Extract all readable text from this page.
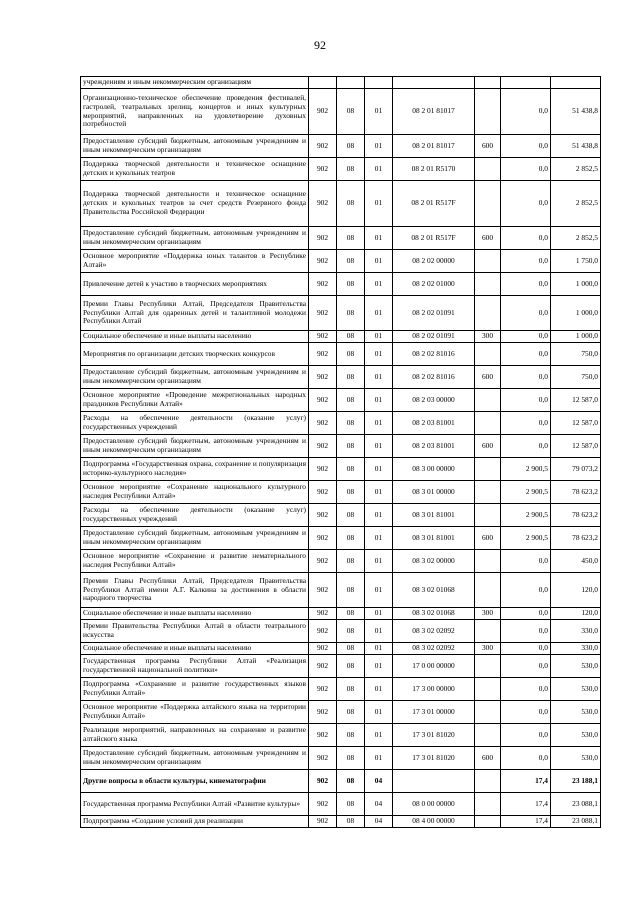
92
учреждениям и иным некоммерческим организациям							
Организационно-техническое обеспечение проведения фестивалей, гастролей, театральных зрелищ, концертов и иных культурных мероприятий, направленных на удовлетворение духовных потребностей	902	08	01	08 2 01 81017		0,0	51 438,8
Предоставление субсидий бюджетным, автономным учреждениям и иным некоммерческим организациям	902	08	01	08 2 01 81017	600	0,0	51 438,8
Поддержка творческой деятельности и техническое оснащение детских и кукольных театров	902	08	01	08 2 01 R5170		0,0	2 852,5
Поддержка творческой деятельности и техническое оснащение детских и кукольных театров за счет средств Резервного фонда Правительства Российской Федерации	902	08	01	08 2 01 R517F		0,0	2 852,5
Предоставление субсидий бюджетным, автономным учреждениям и иным некоммерческим организациям	902	08	01	08 2 01 R517F	600	0,0	2 852,5
Основное мероприятие «Поддержка юных талантов в Республике Алтай»	902	08	01	08 2 02 00000		0,0	1 750,0
Привлечение детей к участию в творческих мероприятиях	902	08	01	08 2 02 01000		0,0	1 000,0
Премии Главы Республики Алтай, Председателя Правительства Республики Алтай для одаренных детей и талантливой молодежи Республики Алтай	902	08	01	08 2 02 01091		0,0	1 000,0
Социальное обеспечение и иные выплаты населению	902	08	01	08 2 02 01091	300	0,0	1 000,0
Мероприятия по организации детских творческих конкурсов	902	08	01	08 2 02 81016		0,0	750,0
Предоставление субсидий бюджетным, автономным учреждениям и иным некоммерческим организациям	902	08	01	08 2 02 81016	600	0,0	750,0
Основное мероприятие «Проведение межрегиональных народных праздников Республики Алтай»	902	08	01	08 2 03 00000		0,0	12 587,0
Расходы на обеспечение деятельности (оказание услуг) государственных учреждений	902	08	01	08 2 03 81001		0,0	12 587,0
Предоставление субсидий бюджетным, автономным учреждениям и иным некоммерческим организациям	902	08	01	08 2 03 81001	600	0,0	12 587,0
Подпрограмма «Государственная охрана, сохранение и популяризация историко-культурного наследия»	902	08	01	08 3 00 00000		2 900,5	79 073,2
Основное мероприятие «Сохранение национального культурного наследия Республики Алтай»	902	08	01	08 3 01 00000		2 900,5	78 623,2
Расходы на обеспечение деятельности (оказание услуг) государственных учреждений	902	08	01	08 3 01 81001		2 900,5	78 623,2
Предоставление субсидий бюджетным, автономным учреждениям и иным некоммерческим организациям	902	08	01	08 3 01 81001	600	2 900,5	78 623,2
Основное мероприятие «Сохранение и развитие нематериального наследия Республики Алтай»	902	08	01	08 3 02 00000		0,0	450,0
Премии Главы Республики Алтай, Председателя Правительства Республики Алтай имени А.Г. Калкина за достижения в области народного творчества	902	08	01	08 3 02 01068		0,0	120,0
Социальное обеспечение и иные выплаты населению	902	08	01	08 3 02 01068	300	0,0	120,0
Премии Правительства Республики Алтай в области театрального искусства	902	08	01	08 3 02 02092		0,0	330,0
Социальное обеспечение и иные выплаты населению	902	08	01	08 3 02 02092	300	0,0	330,0
Государственная программа Республики Алтай «Реализация государственной национальной политики»	902	08	01	17 0 00 00000		0,0	530,0
Подпрограмма «Сохранение и развитие государственных языков Республики Алтай»	902	08	01	17 3 00 00000		0,0	530,0
Основное мероприятие «Поддержка алтайского языка на территории Республики Алтай»	902	08	01	17 3 01 00000		0,0	530,0
Реализация мероприятий, направленных на сохранение и развитие алтайского языка	902	08	01	17 3 01 81020		0,0	530,0
Предоставление субсидий бюджетным, автономным учреждениям и иным некоммерческим организациям	902	08	01	17 3 01 81020	600	0,0	530,0
Другие вопросы в области культуры, кинематографии	902	08	04			17,4	23 188,1
Государственная программа Республики Алтай «Развитие культуры»	902	08	04	08 0 00 00000		17,4	23 088,1
Подпрограмма «Создание условий для реализации	902	08	04	08 4 00 00000		17,4	23 088,1
